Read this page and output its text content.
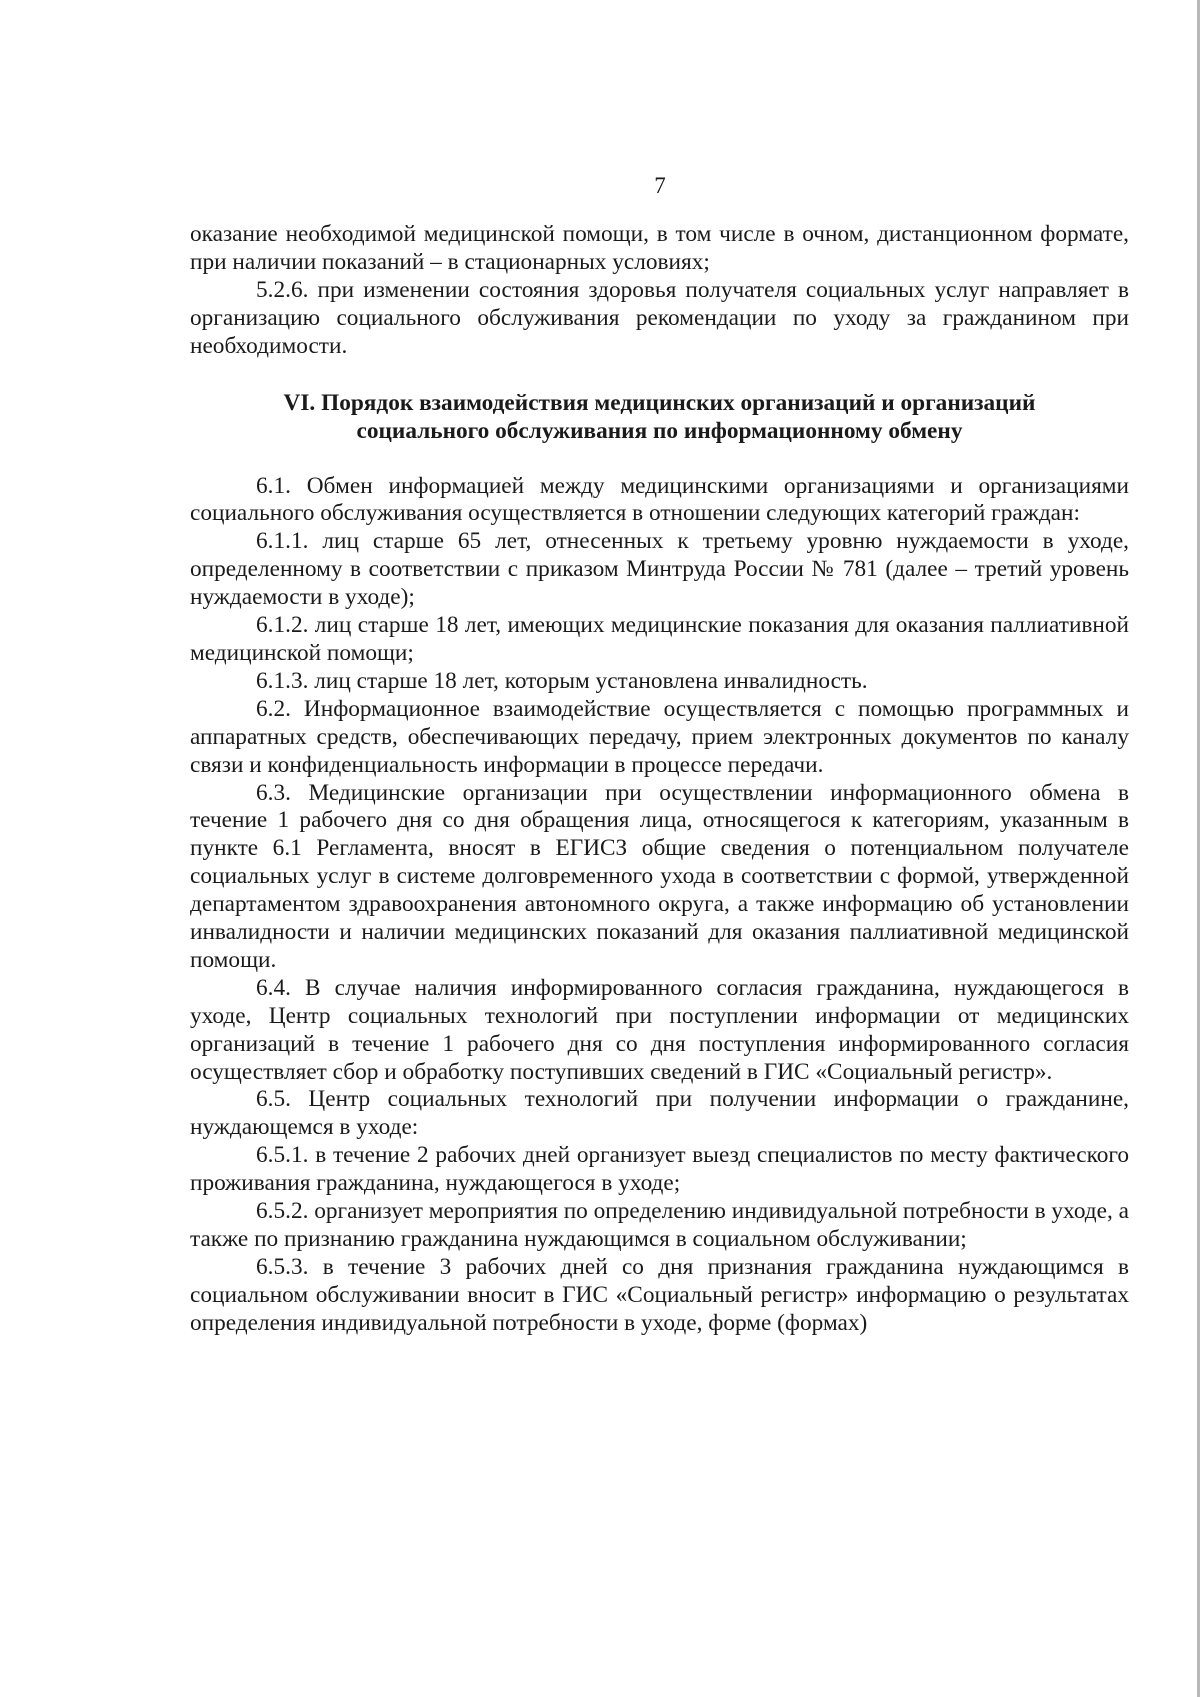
7

оказание необходимой медицинской помощи, в том числе в очном, дистанционном формате, при наличии показаний – в стационарных условиях;

5.2.6. при изменении состояния здоровья получателя социальных услуг направляет в организацию социального обслуживания рекомендации по уходу за гражданином при необходимости.

VI. Порядок взаимодействия медицинских организаций и организаций

социального обслуживания по информационному обмену

6.1. Обмен информацией между медицинскими организациями и организациями социального обслуживания осуществляется в отношении следующих категорий граждан:

6.1.1. лиц старше 65 лет, отнесенных к третьему уровню нуждаемости в уходе, определенному в соответствии с приказом Минтруда России № 781 (далее – третий уровень нуждаемости в уходе);

6.1.2. лиц старше 18 лет, имеющих медицинские показания для оказания паллиативной медицинской помощи;

6.1.3. лиц старше 18 лет, которым установлена инвалидность.

6.2. Информационное взаимодействие осуществляется с помощью программных и аппаратных средств, обеспечивающих передачу, прием электронных документов по каналу связи и конфиденциальность информации в процессе передачи.

6.3. Медицинские организации при осуществлении информационного обмена в течение 1 рабочего дня со дня обращения лица, относящегося к категориям, указанным в пункте 6.1 Регламента, вносят в ЕГИСЗ общие сведения о потенциальном получателе социальных услуг в системе долговременного ухода в соответствии с формой, утвержденной департаментом здравоохранения автономного округа, а также информацию об установлении инвалидности и наличии медицинских показаний для оказания паллиативной медицинской помощи.

6.4. В случае наличия информированного согласия гражданина, нуждающегося в уходе, Центр социальных технологий при поступлении информации от медицинских организаций в течение 1 рабочего дня со дня поступления информированного согласия осуществляет сбор и обработку поступивших сведений в ГИС «Социальный регистр».

6.5. Центр социальных технологий при получении информации о гражданине, нуждающемся в уходе:

6.5.1. в течение 2 рабочих дней организует выезд специалистов по месту фактического проживания гражданина, нуждающегося в уходе;

6.5.2. организует мероприятия по определению индивидуальной потребности в уходе, а также по признанию гражданина нуждающимся в социальном обслуживании;

6.5.3. в течение 3 рабочих дней со дня признания гражданина нуждающимся в социальном обслуживании вносит в ГИС «Социальный регистр» информацию о результатах определения индивидуальной потребности в уходе, форме (формах)
